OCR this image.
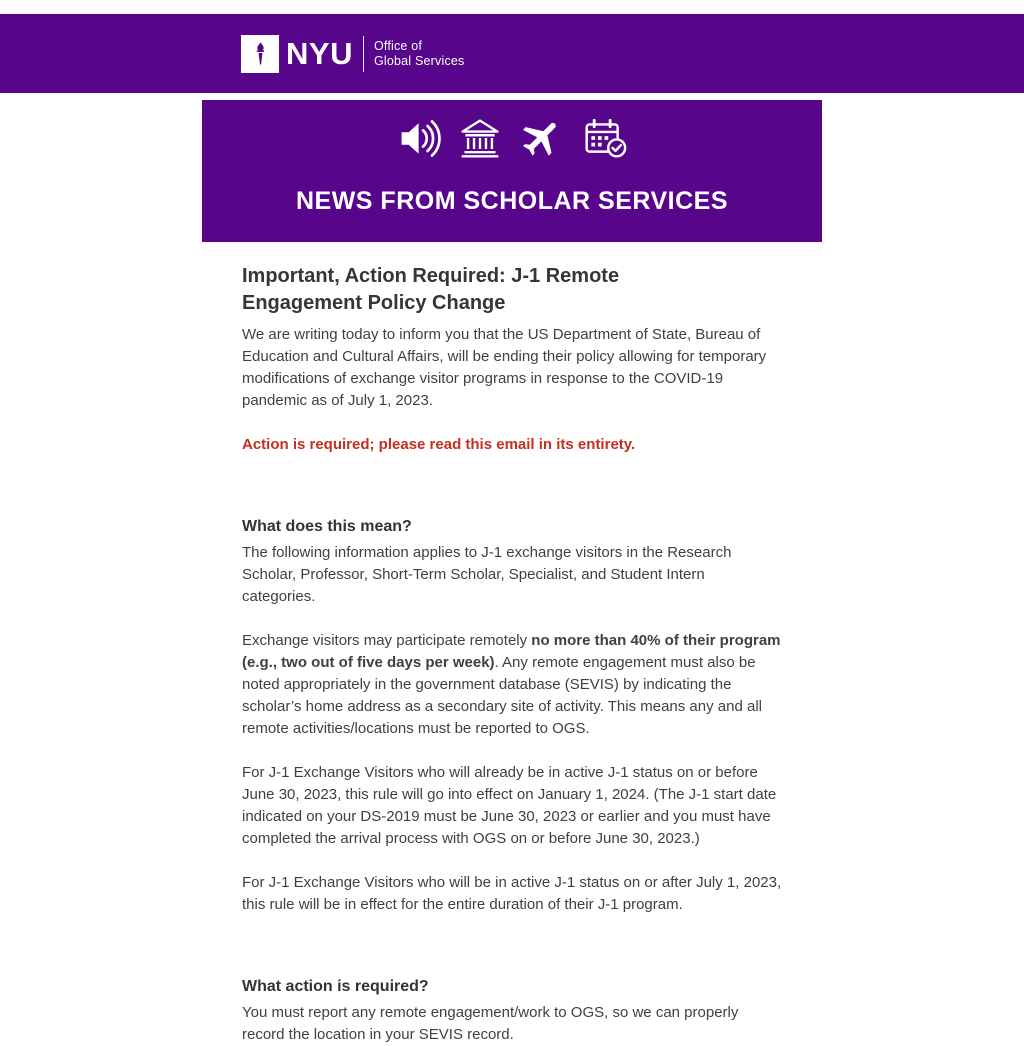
NYU Office of
Global Services
NEWS FROM SCHOLAR SERVICES
Important, Action Required: J-1 Remote Engagement Policy Change

We are writing today to inform you that the US Department of State, Bureau of Education and Cultural Affairs, will be ending their policy allowing for temporary modifications of exchange visitor programs in response to the COVID-19 pandemic as of July 1, 2023.

Action is required; please read this email in its entirety.

What does this mean?

The following information applies to J-1 exchange visitors in the Research Scholar, Professor, Short-Term Scholar, Specialist, and Student Intern categories.

Exchange visitors may participate remotely no more than 40% of their program (e.g., two out of five days per week). Any remote engagement must also be noted appropriately in the government database (SEVIS) by indicating the scholar’s home address as a secondary site of activity. This means any and all remote activities/locations must be reported to OGS.

For J-1 Exchange Visitors who will already be in active J-1 status on or before June 30, 2023, this rule will go into effect on January 1, 2024. (The J-1 start date indicated on your DS-2019 must be June 30, 2023 or earlier and you must have completed the arrival process with OGS on or before June 30, 2023.)

For J-1 Exchange Visitors who will be in active J-1 status on or after July 1, 2023, this rule will be in effect for the entire duration of their J-1 program.

What action is required?

You must report any remote engagement/work to OGS, so we can properly record the location in your SEVIS record.
